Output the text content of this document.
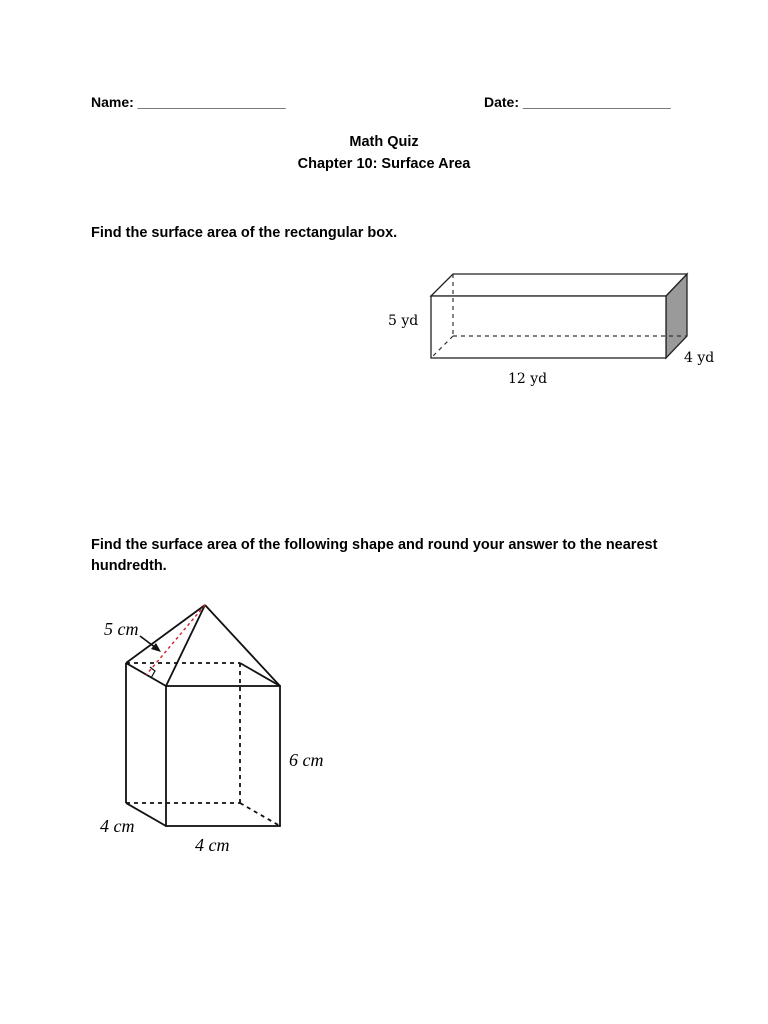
Name: ___________________	Date: ___________________
Math Quiz
Chapter 10: Surface Area
Find the surface area of the rectangular box.
5 yd
4 yd
12 yd
Find the surface area of the following shape and round your answer to the nearest hundredth.
5 cm
6 cm
4 cm
4 cm
